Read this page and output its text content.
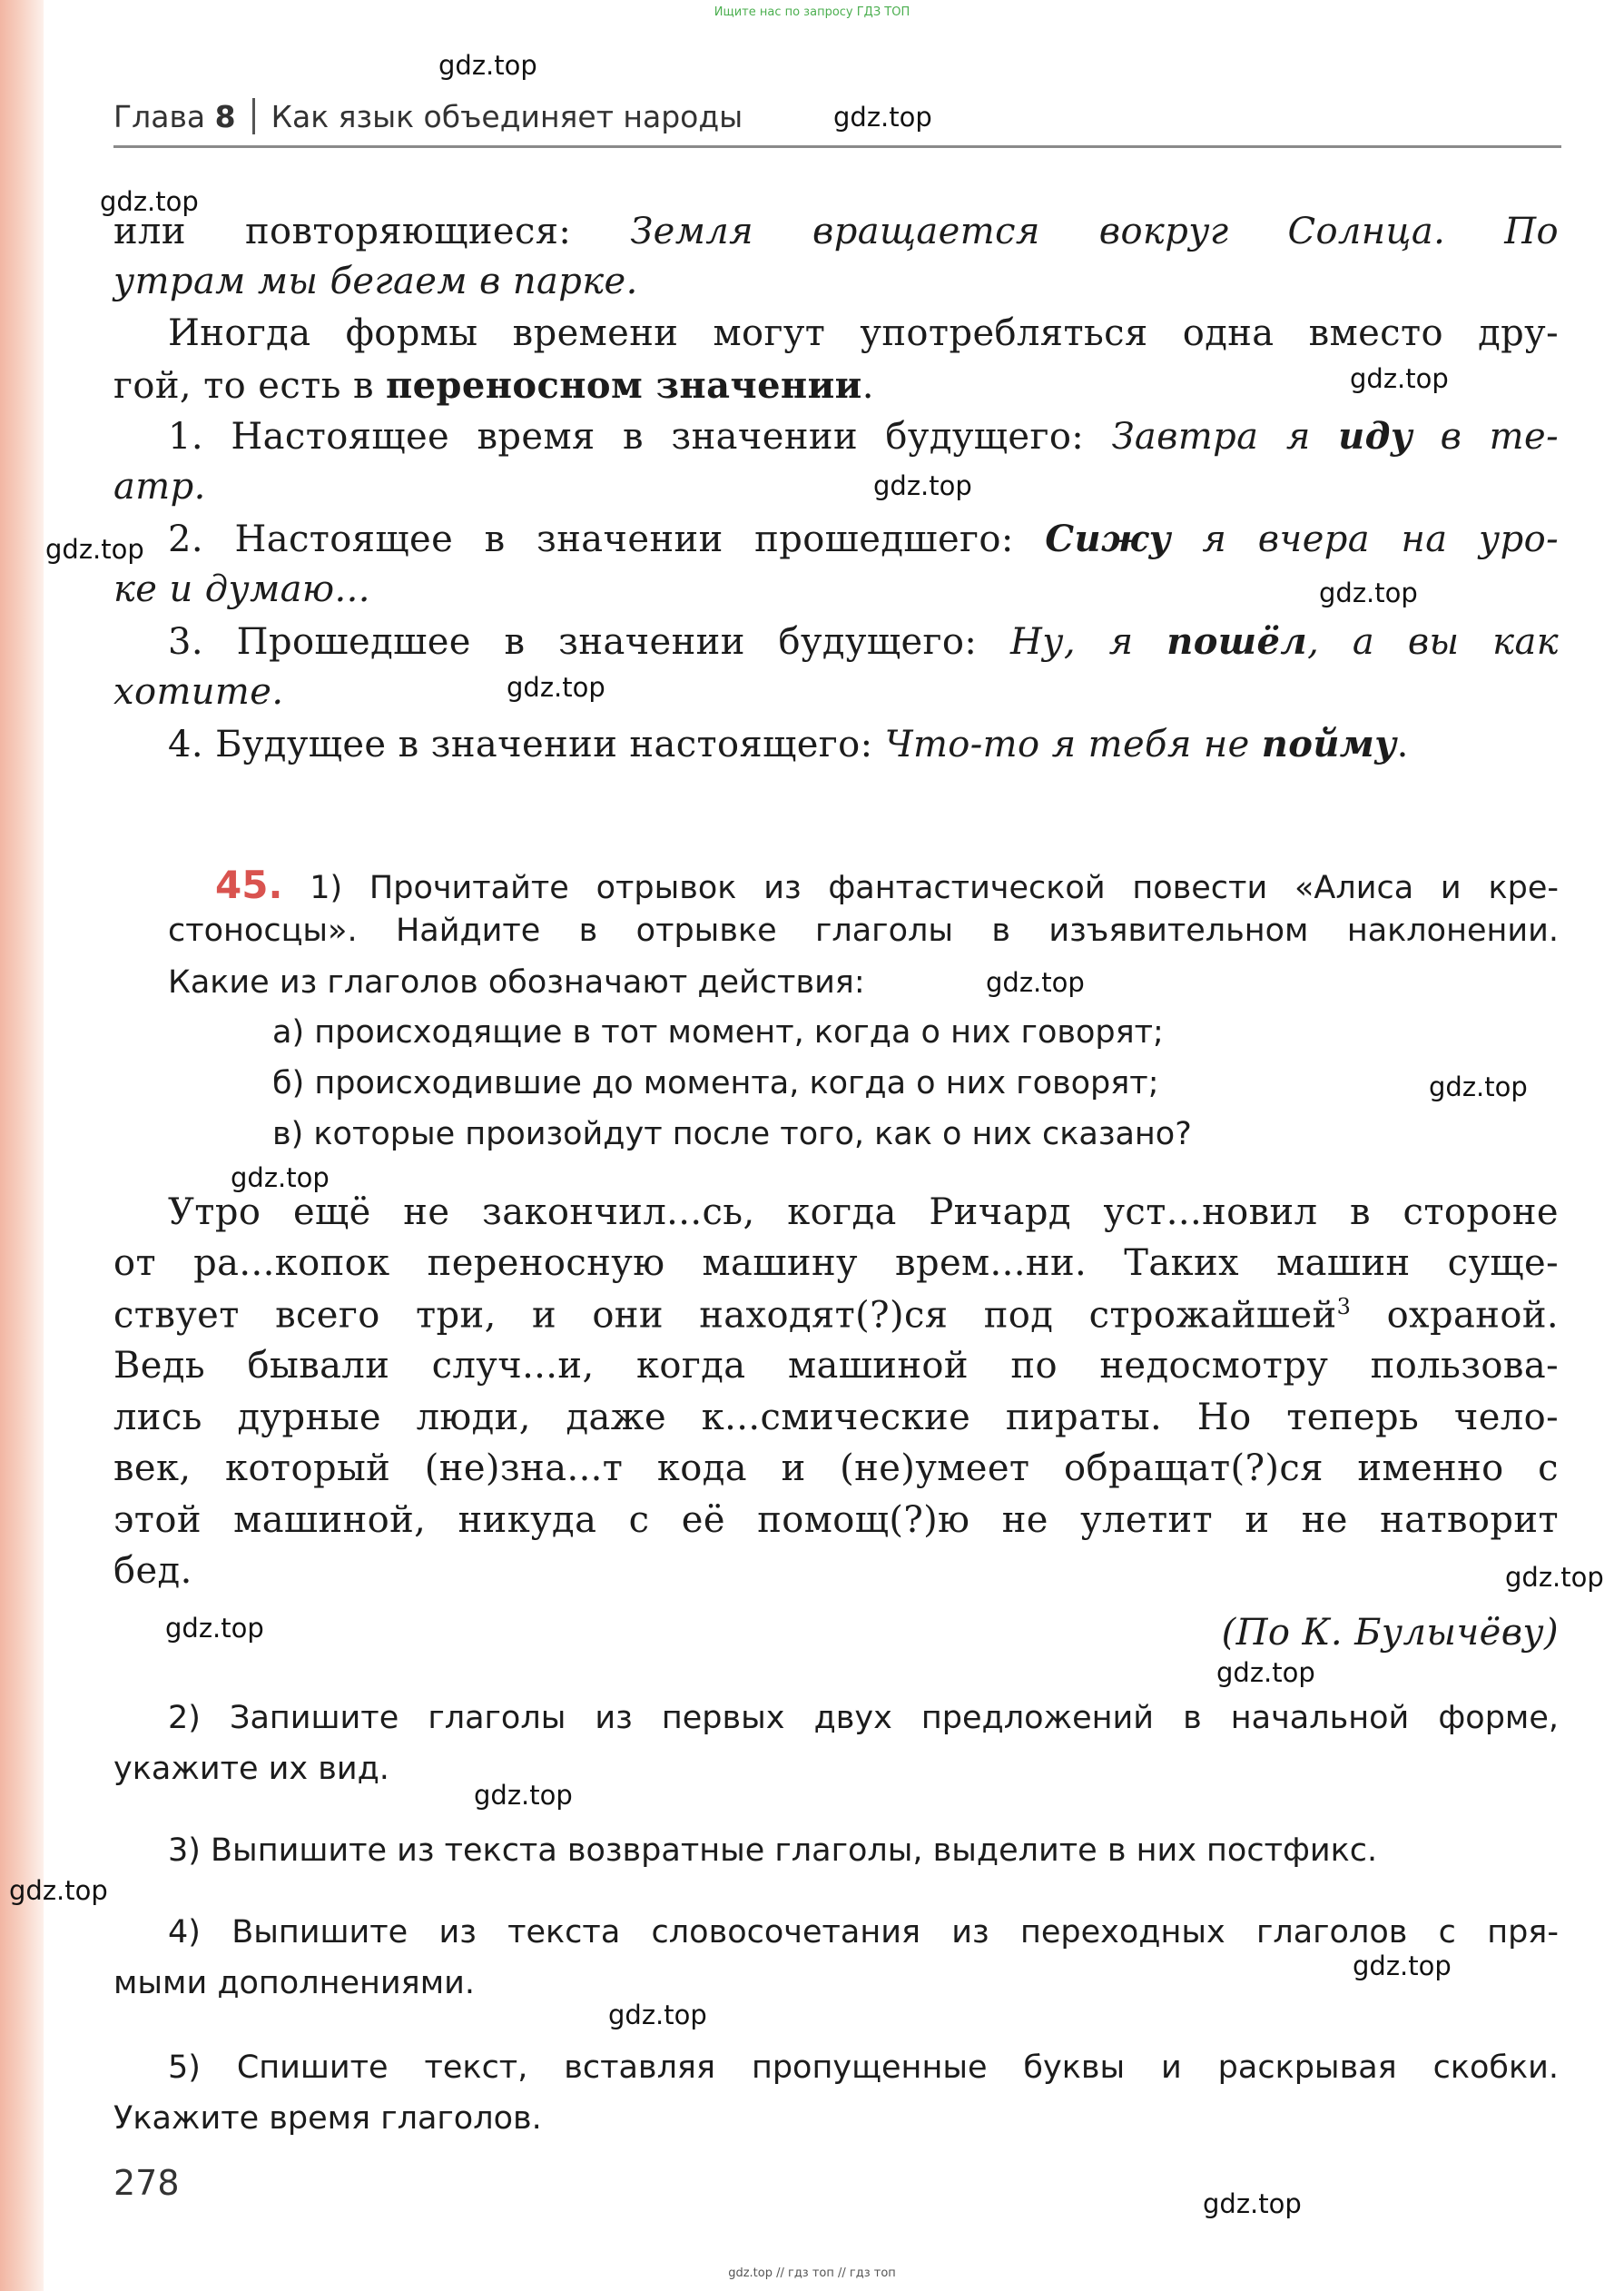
Ищите нас по запросу ГДЗ ТОП
Глава 8 Как язык объединяет народы
или повторяющиеся: Земля вращается вокруг Солнца. По
утрам мы бегаем в парке.
Иногда формы времени могут употребляться одна вместо дру-
гой, то есть в переносном значении.
1. Настоящее время в значении будущего: Завтра я иду в те-
атр.
2. Настоящее в значении прошедшего: Сижу я вчера на уро-
ке и думаю...
3. Прошедшее в значении будущего: Ну, я пошёл, а вы как
хотите.
4. Будущее в значении настоящего: Что-то я тебя не пойму.
45. 1) Прочитайте отрывок из фантастической повести «Алиса и кре-
стоносцы». Найдите в отрывке глаголы в изъявительном наклонении.
Какие из глаголов обозначают действия:
а) происходящие в тот момент, когда о них говорят;
б) происходившие до момента, когда о них говорят;
в) которые произойдут после того, как о них сказано?
Утро ещё не закончил...сь, когда Ричард уст...новил в стороне
от ра...копок переносную машину врем...ни. Таких машин суще-
ствует всего три, и они находят(?)ся под строжайшей$^3$ охраной.
Ведь бывали случ...и, когда машиной по недосмотру пользова-
лись дурные люди, даже к...смические пираты. Но теперь чело-
век, который (не)зна...т кода и (не)умеет обращат(?)ся именно с
этой машиной, никуда с её помощ(?)ю не улетит и не натворит
бед.
(По К. Булычёву)
2) Запишите глаголы из первых двух предложений в начальной форме,
укажите их вид.
3) Выпишите из текста возвратные глаголы, выделите в них постфикс.
4) Выпишите из текста словосочетания из переходных глаголов с пря-
мыми дополнениями.
5) Спишите текст, вставляя пропущенные буквы и раскрывая скобки.
Укажите время глаголов.
278
gdz.top
gdz.top
gdz.top
gdz.top
gdz.top
gdz.top
gdz.top
gdz.top
gdz.top
gdz.top
gdz.top
gdz.top
gdz.top
gdz.top
gdz.top
gdz.top
gdz.top
gdz.top
gdz.top
gdz.top // гдз топ // гдз топ
